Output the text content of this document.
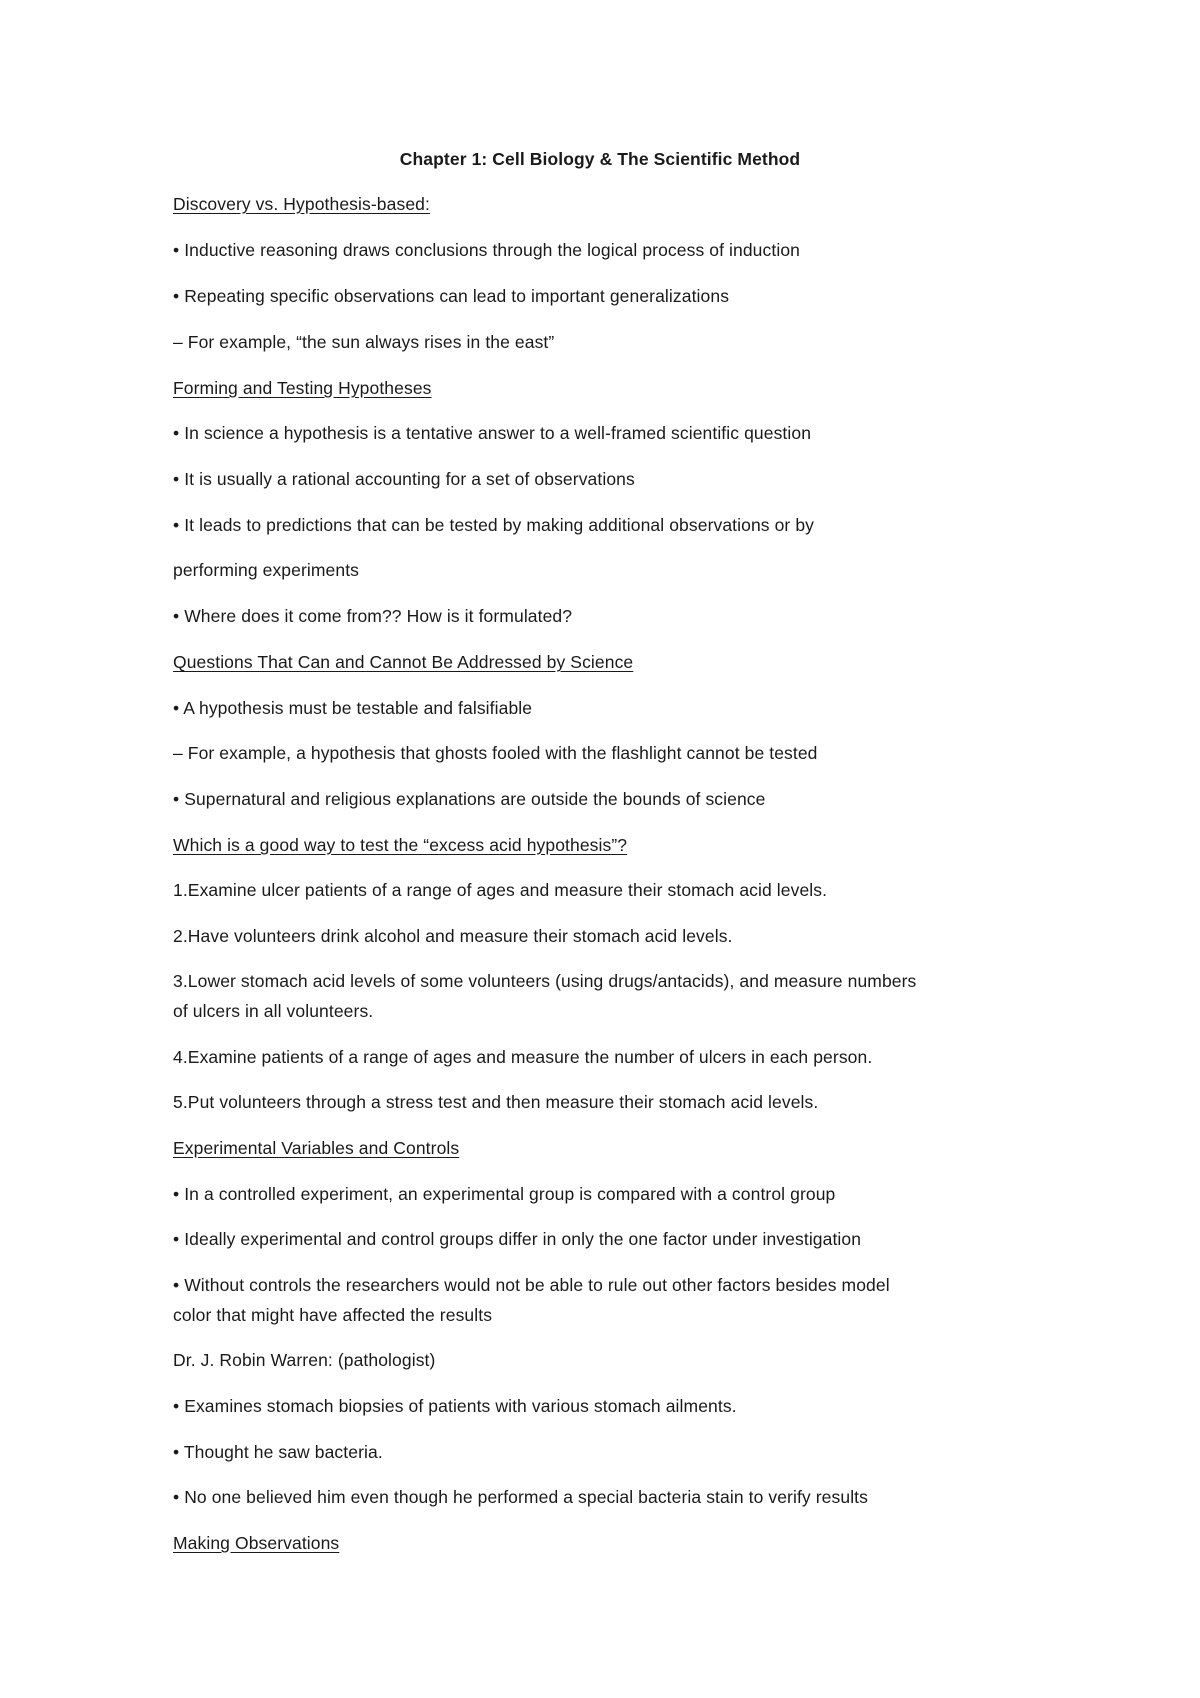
Chapter 1: Cell Biology & The Scientific Method
Discovery vs. Hypothesis-based:
• Inductive reasoning draws conclusions through the logical process of induction
• Repeating specific observations can lead to important generalizations
– For example, “the sun always rises in the east”
Forming and Testing Hypotheses
• In science a hypothesis is a tentative answer to a well-framed scientific question
• It is usually a rational accounting for a set of observations
• It leads to predictions that can be tested by making additional observations or by
performing experiments
• Where does it come from?? How is it formulated?
Questions That Can and Cannot Be Addressed by Science
• A hypothesis must be testable and falsifiable
– For example, a hypothesis that ghosts fooled with the flashlight cannot be tested
• Supernatural and religious explanations are outside the bounds of science
Which is a good way to test the “excess acid hypothesis”?
1.Examine ulcer patients of a range of ages and measure their stomach acid levels.
2.Have volunteers drink alcohol and measure their stomach acid levels.
3.Lower stomach acid levels of some volunteers (using drugs/antacids), and measure numbers
of ulcers in all volunteers.
4.Examine patients of a range of ages and measure the number of ulcers in each person.
5.Put volunteers through a stress test and then measure their stomach acid levels.
Experimental Variables and Controls
• In a controlled experiment, an experimental group is compared with a control group
• Ideally experimental and control groups differ in only the one factor under investigation
• Without controls the researchers would not be able to rule out other factors besides model
color that might have affected the results
Dr. J. Robin Warren: (pathologist)
• Examines stomach biopsies of patients with various stomach ailments.
• Thought he saw bacteria.
• No one believed him even though he performed a special bacteria stain to verify results
Making Observations
